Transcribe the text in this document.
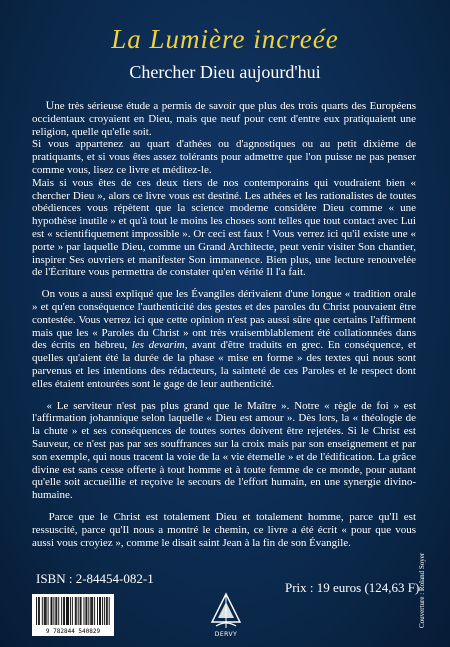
La Lumière increée
Chercher Dieu aujourd'hui

Une très sérieuse étude a permis de savoir que plus des trois quarts des Européens occidentaux croyaient en Dieu, mais que neuf pour cent d'entre eux pratiquaient une religion, quelle qu'elle soit.

Si vous appartenez au quart d'athées ou d'agnostiques ou au petit dixième de pratiquants, et si vous êtes assez tolérants pour admettre que l'on puisse ne pas penser comme vous, lisez ce livre et méditez-le.

Mais si vous êtes de ces deux tiers de nos contemporains qui voudraient bien « chercher Dieu », alors ce livre vous est destiné. Les athées et les rationalistes de toutes obédiences vous répètent que la science moderne considère Dieu comme « une hypothèse inutile » et qu'à tout le moins les choses sont telles que tout contact avec Lui est « scientifiquement impossible ». Or ceci est faux ! Vous verrez ici qu'il existe une « porte » par laquelle Dieu, comme un Grand Architecte, peut venir visiter Son chantier, inspirer Ses ouvriers et manifester Son immanence. Bien plus, une lecture renouvelée de l'Écriture vous permettra de constater qu'en vérité Il l'a fait.

On vous a aussi expliqué que les Évangiles dérivaient d'une longue « tradition orale » et qu'en conséquence l'authenticité des gestes et des paroles du Christ pouvaient être contestée. Vous verrez ici que cette opinion n'est pas aussi sûre que certains l'affirment mais que les « Paroles du Christ » ont très vraisemblablement été collationnées dans des écrits en hébreu, les devarim, avant d'être traduits en grec. En conséquence, et quelles qu'aient été la durée de la phase « mise en forme » des textes qui nous sont parvenus et les intentions des rédacteurs, la sainteté de ces Paroles et le respect dont elles étaient entourées sont le gage de leur authenticité.

« Le serviteur n'est pas plus grand que le Maître ». Notre « règle de foi » est l'affirmation johannique selon laquelle « Dieu est amour ». Dès lors, la « théologie de la chute » et ses conséquences de toutes sortes doivent être rejetées. Si le Christ est Sauveur, ce n'est pas par ses souffrances sur la croix mais par son enseignement et par son exemple, qui nous tracent la voie de la « vie éternelle » et de l'édification. La grâce divine est sans cesse offerte à tout homme et à toute femme de ce monde, pour autant qu'elle soit accueillie et reçoive le secours de l'effort humain, en une synergie divino-humaine.

Parce que le Christ est totalement Dieu et totalement homme, parce qu'Il est ressuscité, parce qu'Il nous a montré le chemin, ce livre a été écrit « pour que vous aussi vous croyiez », comme le disait saint Jean à la fin de son Évangile.

ISBN : 2-84454-082-1
Prix : 19 euros (124,63 F)
Couverture : Roland Soyer
9 782844 540829	DERVY
